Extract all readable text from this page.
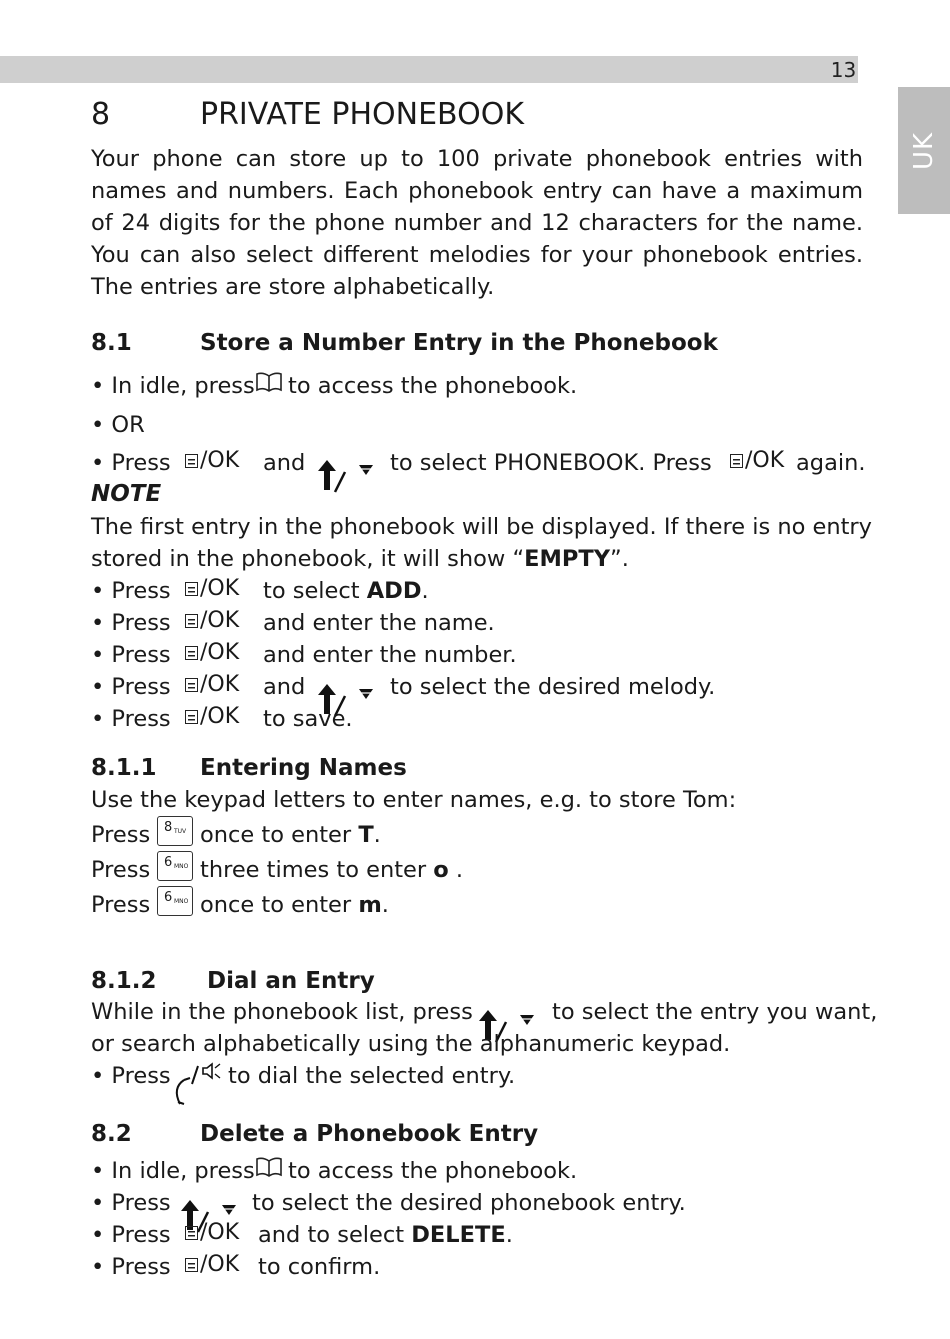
13
UK
8	PRIVATE PHONEBOOK
Your phone can store up to 100 private phonebook entries with names and numbers. Each phonebook entry can have a maximum of 24 digits for the phone number and 12 characters for the name. You can also select different melodies for your phonebook entries. The entries are store alphabetically.
8.1	Store a Number Entry in the Phonebook
• In idle, press to access the phonebook.
• OR
• Press	/OK and	to select PHONEBOOK. Press	/OK again.
NOTE
The first entry in the phonebook will be displayed. If there is no entry
stored in the phonebook, it will show “EMPTY”.
• Press	/OK to select ADD.
• Press	/OK and enter the name.
• Press	/OK and enter the number.
• Press	/OK and	to select the desired melody.
• Press	/OK to save.
8.1.1 Entering Names
Use the keypad letters to enter names, e.g. to store Tom:
Press 8 TUV once to enter T.
Press 6 MNO three times to enter o .
Press 6 MNO once to enter m.
8.1.2 Dial an Entry
While in the phonebook list, press	to select the entry you want,
or search alphabetically using the alphanumeric keypad.
• Press	to dial the selected entry.
8.2	Delete a Phonebook Entry
• In idle, press to access the phonebook.
• Press	to select the desired phonebook entry.
• Press	/OK and to select DELETE.
• Press	/OK to confirm.
